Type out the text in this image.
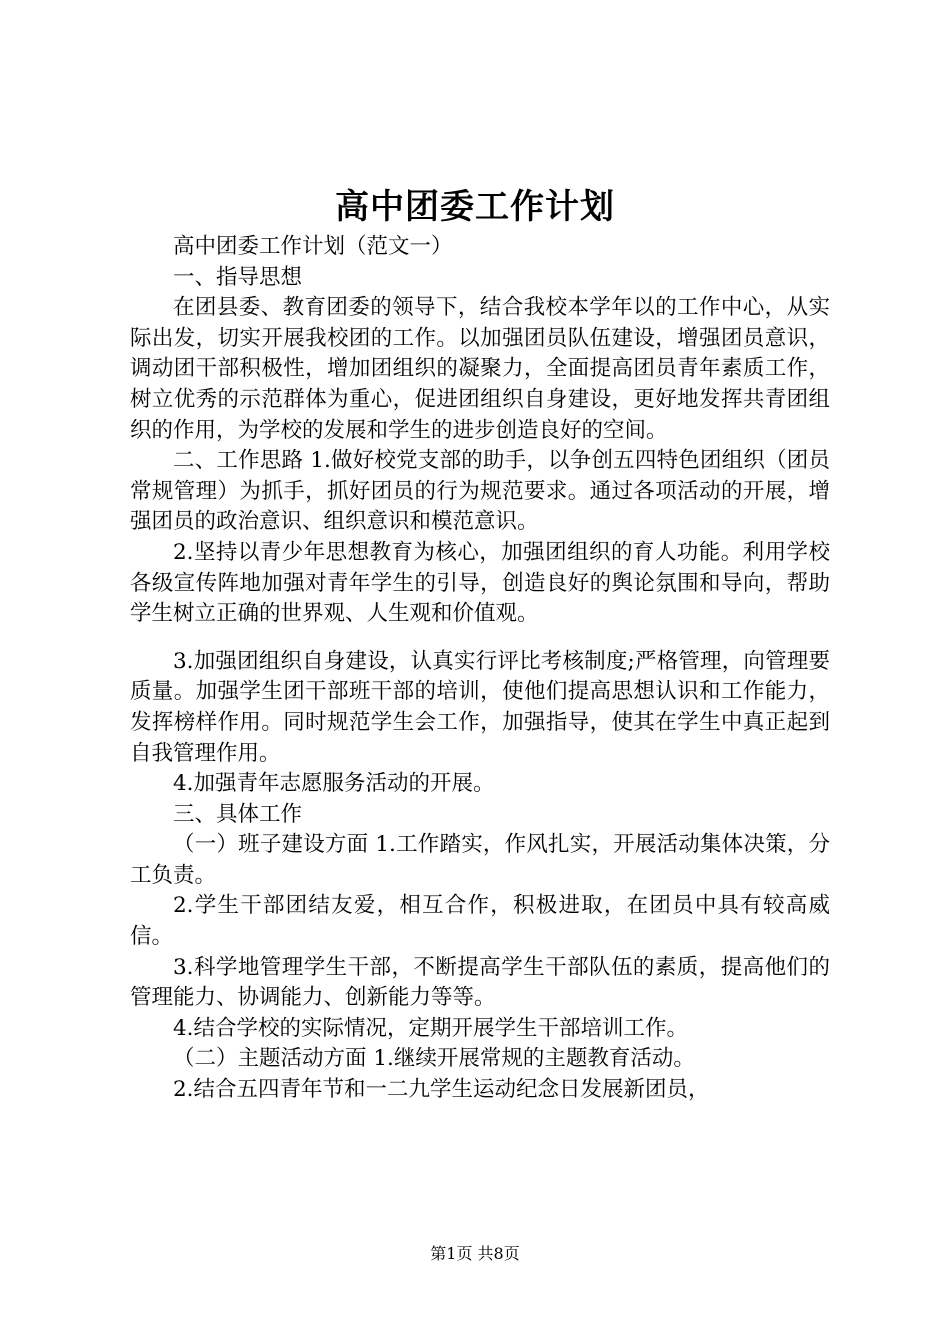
高中团委工作计划

高中团委工作计划（范文一）

一、指导思想

在团县委、教育团委的领导下，结合我校本学年以的工作中心，从实际出发，切实开展我校团的工作。以加强团员队伍建设，增强团员意识，调动团干部积极性，增加团组织的凝聚力，全面提高团员青年素质工作，树立优秀的示范群体为重心，促进团组织自身建设，更好地发挥共青团组织的作用，为学校的发展和学生的进步创造良好的空间。

二、工作思路 1.做好校党支部的助手，以争创五四特色团组织（团员常规管理）为抓手，抓好团员的行为规范要求。通过各项活动的开展，增强团员的政治意识、组织意识和模范意识。

2.坚持以青少年思想教育为核心，加强团组织的育人功能。利用学校各级宣传阵地加强对青年学生的引导，创造良好的舆论氛围和导向，帮助学生树立正确的世界观、人生观和价值观。

3.加强团组织自身建设，认真实行评比考核制度;严格管理，向管理要质量。加强学生团干部班干部的培训，使他们提高思想认识和工作能力，发挥榜样作用。同时规范学生会工作，加强指导，使其在学生中真正起到自我管理作用。

4.加强青年志愿服务活动的开展。

三、具体工作

（一）班子建设方面 1.工作踏实，作风扎实，开展活动集体决策，分工负责。

2.学生干部团结友爱，相互合作，积极进取，在团员中具有较高威信。

3.科学地管理学生干部，不断提高学生干部队伍的素质，提高他们的管理能力、协调能力、创新能力等等。

4.结合学校的实际情况，定期开展学生干部培训工作。

（二）主题活动方面 1.继续开展常规的主题教育活动。

2.结合五四青年节和一二九学生运动纪念日发展新团员，

第1页 共8页
